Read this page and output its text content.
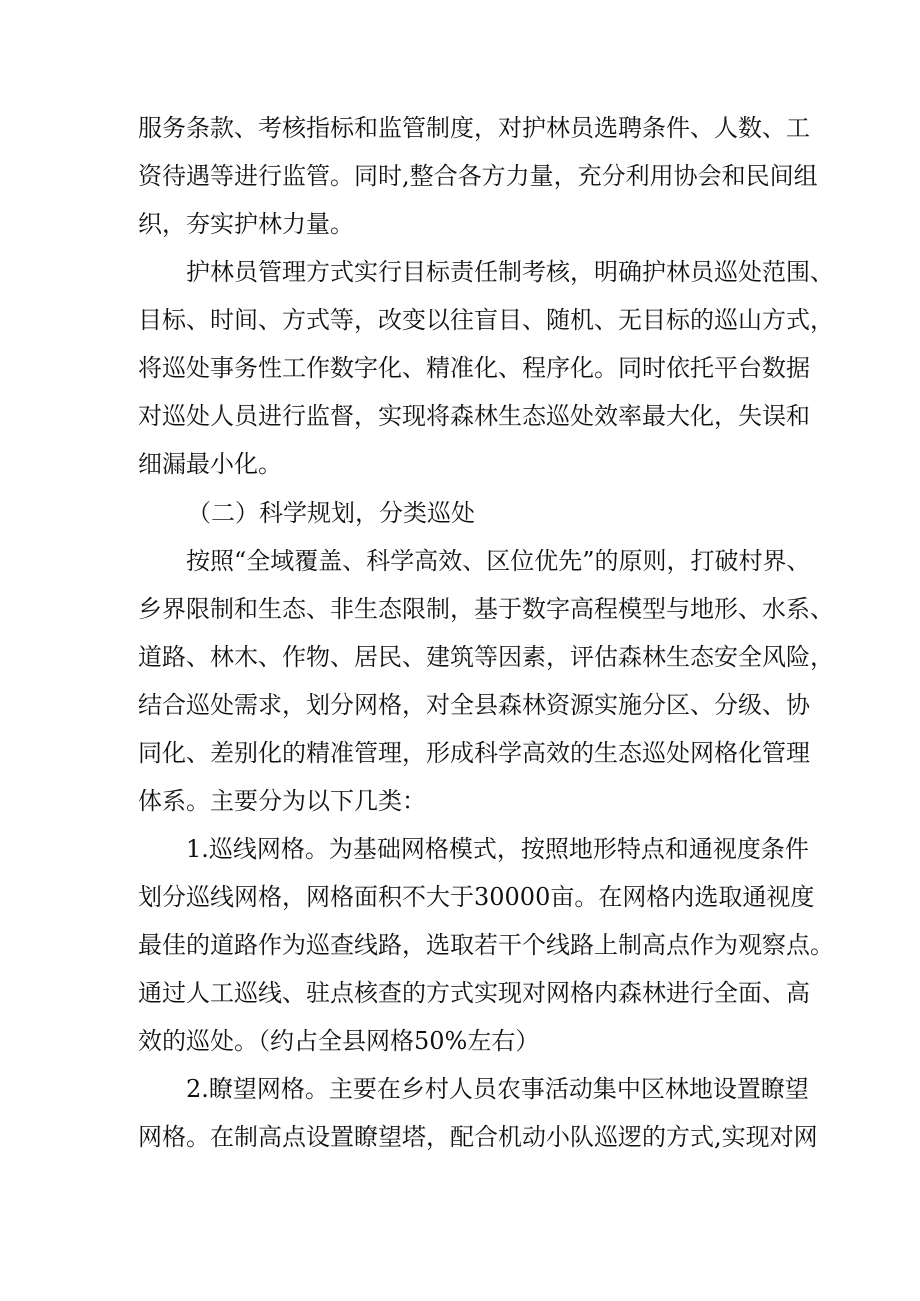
服务条款、考核指标和监管制度，对护林员选聘条件、人数、工
资待遇等进行监管。同时,整合各方力量，充分利用协会和民间组
织，夯实护林力量。
护林员管理方式实行目标责任制考核，明确护林员巡处范围、
目标、时间、方式等，改变以往盲目、随机、无目标的巡山方式，
将巡处事务性工作数字化、精准化、程序化。同时依托平台数据
对巡处人员进行监督，实现将森林生态巡处效率最大化，失误和
细漏最小化。
（二）科学规划，分类巡处
按照“全域覆盖、科学高效、区位优先”的原则，打破村界、
乡界限制和生态、非生态限制，基于数字高程模型与地形、水系、
道路、林木、作物、居民、建筑等因素，评估森林生态安全风险，
结合巡处需求，划分网格，对全县森林资源实施分区、分级、协
同化、差别化的精准管理，形成科学高效的生态巡处网格化管理
体系。主要分为以下几类：
1.巡线网格。为基础网格模式，按照地形特点和通视度条件
划分巡线网格，网格面积不大于30000亩。在网格内选取通视度
最佳的道路作为巡查线路，选取若干个线路上制高点作为观察点。
通过人工巡线、驻点核查的方式实现对网格内森林进行全面、高
效的巡处。（约占全县网格50%左右）
2.瞭望网格。主要在乡村人员农事活动集中区林地设置瞭望
网格。在制高点设置瞭望塔，配合机动小队巡逻的方式,实现对网
